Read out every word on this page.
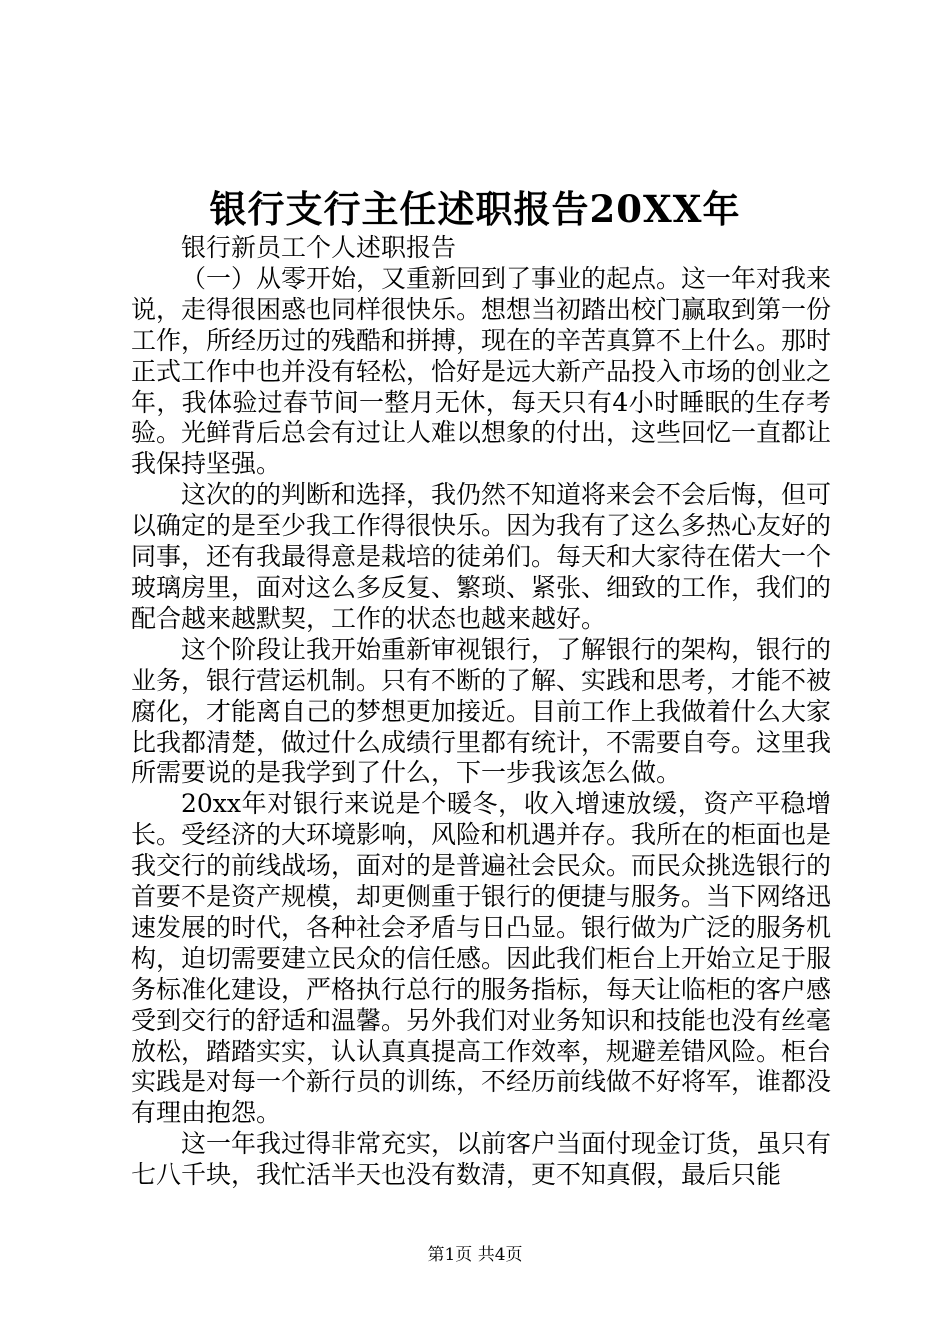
银行支行主任述职报告20XX年

银行新员工个人述职报告

（一）从零开始，又重新回到了事业的起点。这一年对我来说，走得很困惑也同样很快乐。想想当初踏出校门赢取到第一份工作，所经历过的残酷和拼搏，现在的辛苦真算不上什么。那时正式工作中也并没有轻松，恰好是远大新产品投入市场的创业之年，我体验过春节间一整月无休，每天只有4小时睡眠的生存考验。光鲜背后总会有过让人难以想象的付出，这些回忆一直都让我保持坚强。

这次的的判断和选择，我仍然不知道将来会不会后悔，但可以确定的是至少我工作得很快乐。因为我有了这么多热心友好的同事，还有我最得意是栽培的徒弟们。每天和大家待在偌大一个玻璃房里，面对这么多反复、繁琐、紧张、细致的工作，我们的配合越来越默契，工作的状态也越来越好。

这个阶段让我开始重新审视银行，了解银行的架构，银行的业务，银行营运机制。只有不断的了解、实践和思考，才能不被腐化，才能离自己的梦想更加接近。目前工作上我做着什么大家比我都清楚，做过什么成绩行里都有统计，不需要自夸。这里我所需要说的是我学到了什么，下一步我该怎么做。

20xx年对银行来说是个暖冬，收入增速放缓，资产平稳增长。受经济的大环境影响，风险和机遇并存。我所在的柜面也是我交行的前线战场，面对的是普遍社会民众。而民众挑选银行的首要不是资产规模，却更侧重于银行的便捷与服务。当下网络迅速发展的时代，各种社会矛盾与日凸显。银行做为广泛的服务机构，迫切需要建立民众的信任感。因此我们柜台上开始立足于服务标准化建设，严格执行总行的服务指标，每天让临柜的客户感受到交行的舒适和温馨。另外我们对业务知识和技能也没有丝毫放松，踏踏实实，认认真真提高工作效率，规避差错风险。柜台实践是对每一个新行员的训练，不经历前线做不好将军，谁都没有理由抱怨。

这一年我过得非常充实，以前客户当面付现金订货，虽只有七八千块，我忙活半天也没有数清，更不知真假，最后只能

第1页 共4页
